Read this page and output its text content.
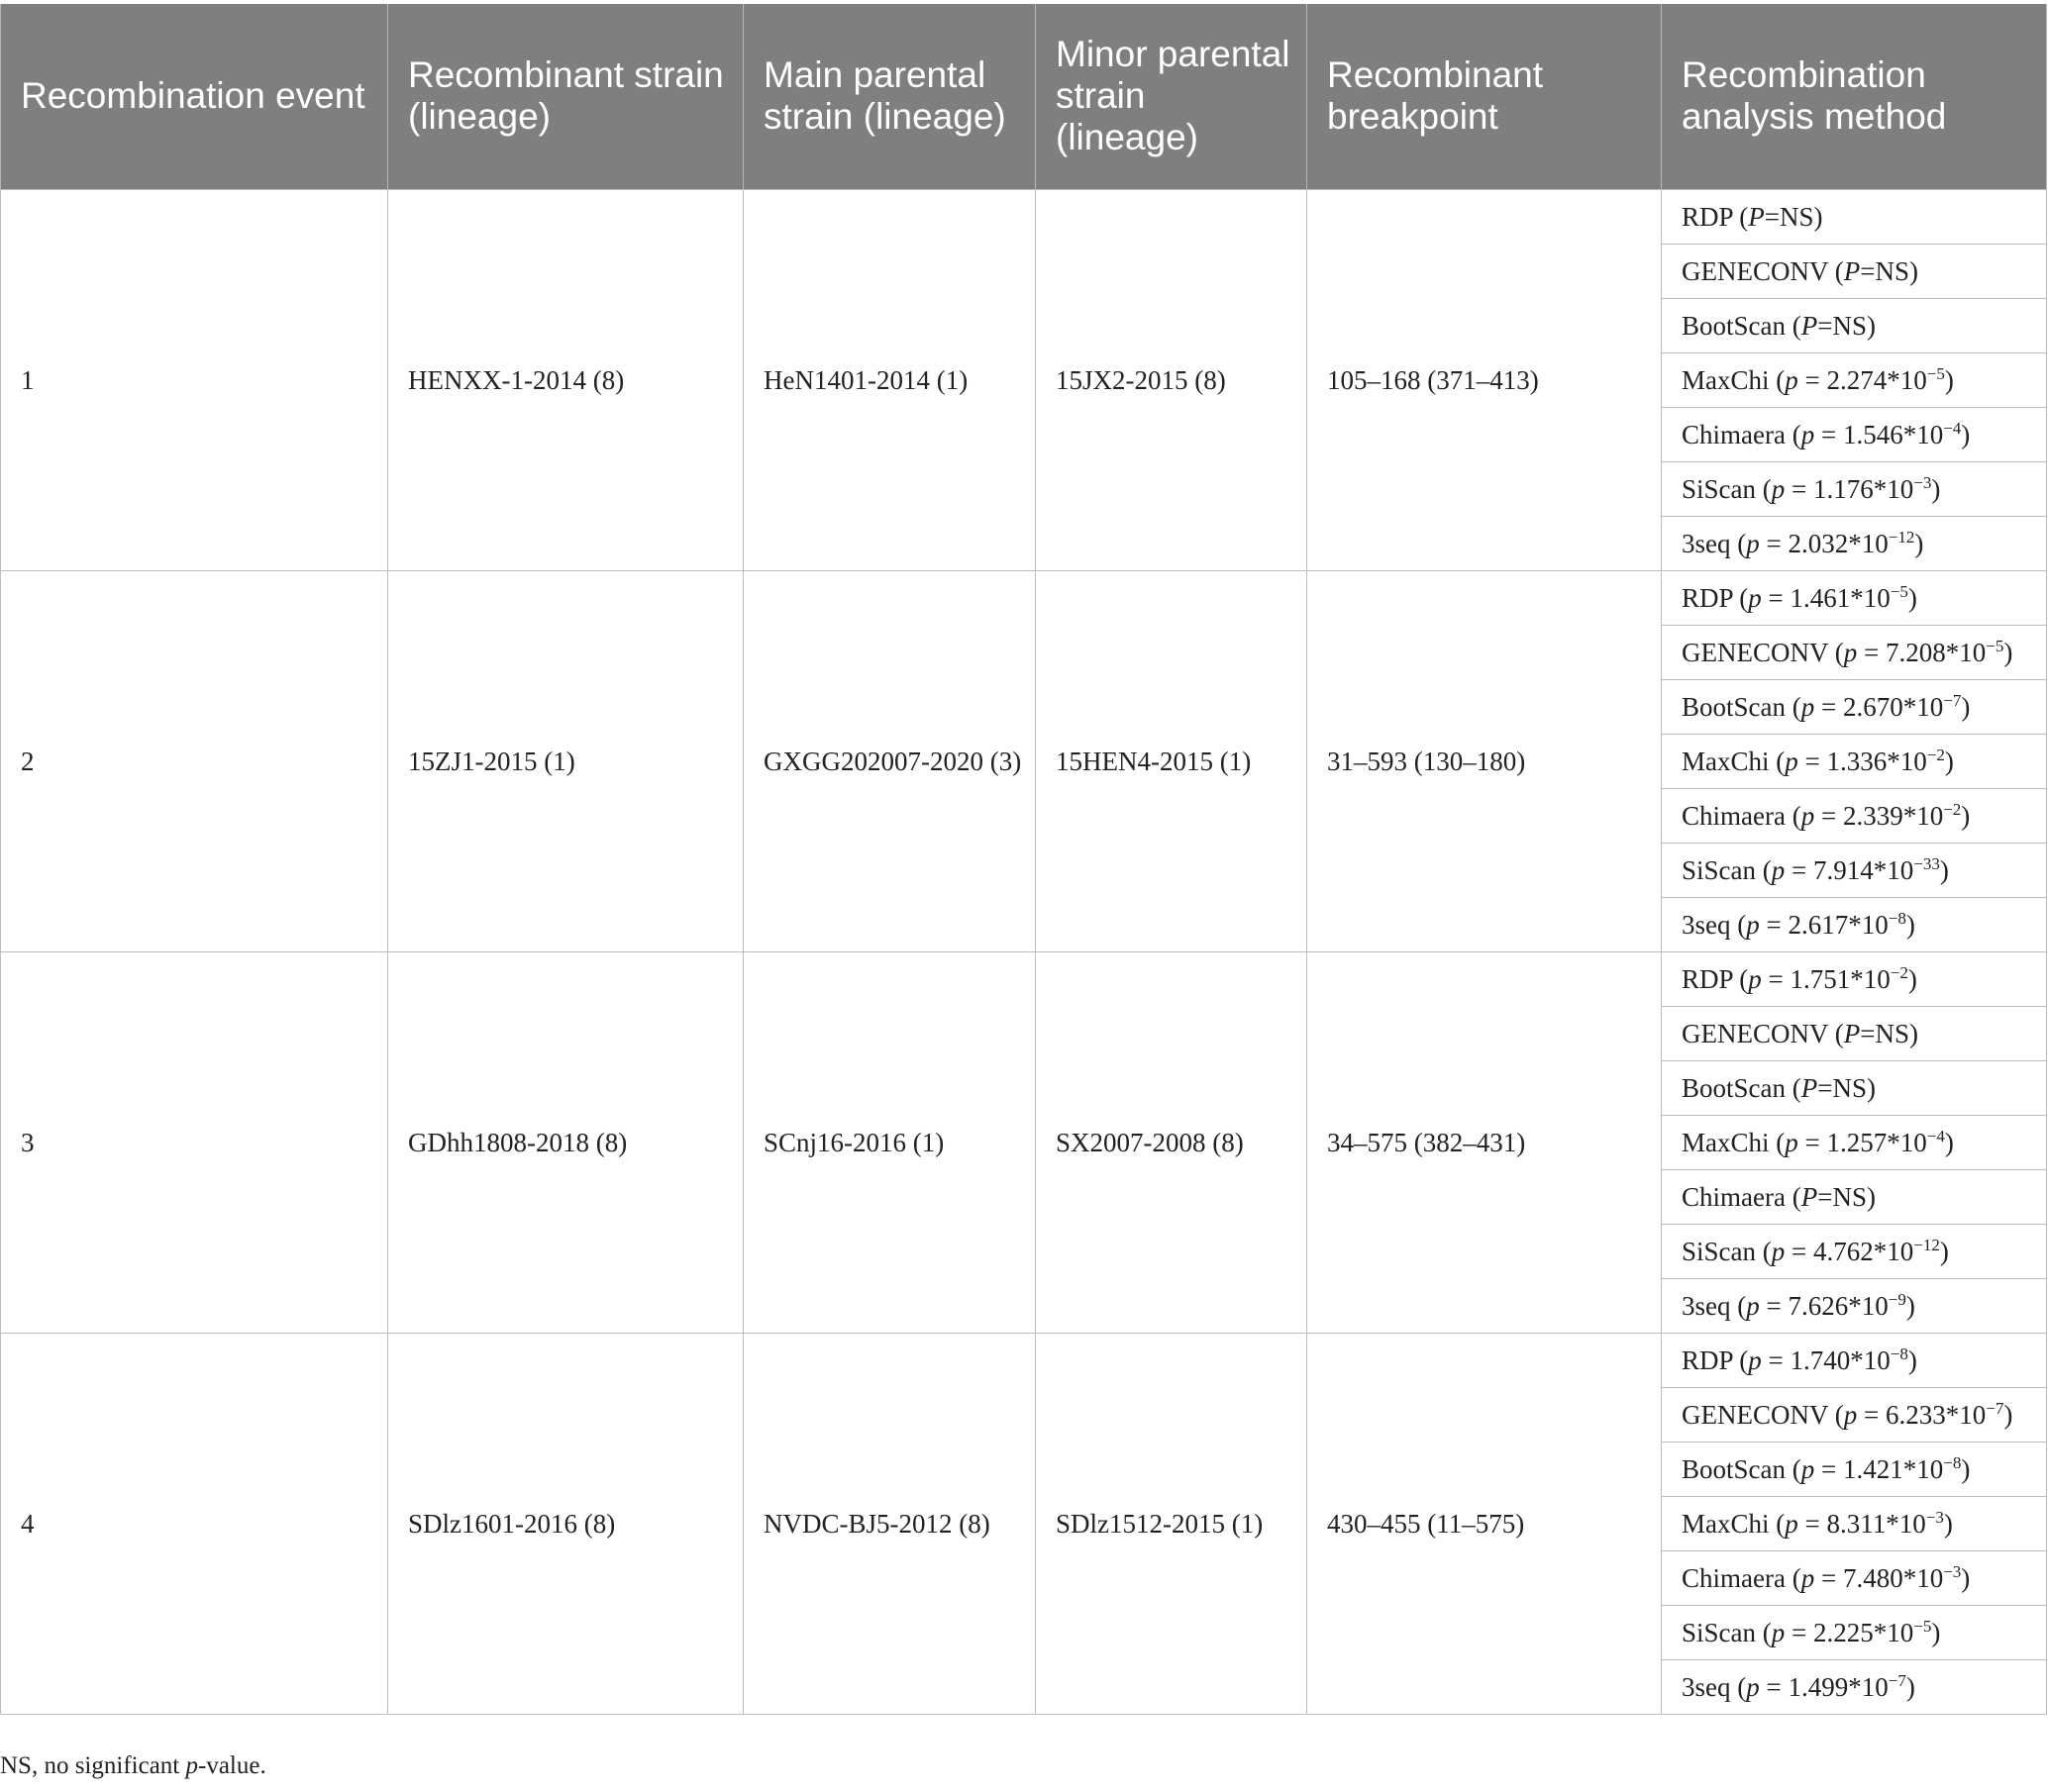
Recombination event	Recombinant strain (lineage)	Main parental strain (lineage)	Minor parental strain (lineage)	Recombinant breakpoint	Recombination analysis method
1	HENXX-1-2014 (8)	HeN1401-2014 (1)	15JX2-2015 (8)	105–168 (371–413)	RDP (P=NS)
					GENECONV (P=NS)
					BootScan (P=NS)
					MaxChi $(p = 2.274*10^{-5})$
					Chimaera $(p = 1.546*10^{-4})$
					SiScan $(p = 1.176*10^{-3})$
					3seq $(p = 2.032*10^{-12})$
2	15ZJ1-2015 (1)	GXGG202007-2020 (3)	15HEN4-2015 (1)	31–593 (130–180)	RDP $(p = 1.461*10^{-5})$
					GENECONV $(p = 7.208*10^{-5})$
					BootScan $(p = 2.670*10^{-7})$
					MaxChi $(p = 1.336*10^{-2})$
					Chimaera $(p = 2.339*10^{-2})$
					SiScan $(p = 7.914*10^{-33})$
					3seq $(p = 2.617*10^{-8})$
3	GDhh1808-2018 (8)	SCnj16-2016 (1)	SX2007-2008 (8)	34–575 (382–431)	RDP $(p = 1.751*10^{-2})$
					GENECONV (P=NS)
					BootScan (P=NS)
					MaxChi $(p = 1.257*10^{-4})$
					Chimaera (P=NS)
					SiScan $(p = 4.762*10^{-12})$
					3seq $(p = 7.626*10^{-9})$
4	SDlz1601-2016 (8)	NVDC-BJ5-2012 (8)	SDlz1512-2015 (1)	430–455 (11–575)	RDP $(p = 1.740*10^{-8})$
					GENECONV $(p = 6.233*10^{-7})$
					BootScan $(p = 1.421*10^{-8})$
					MaxChi $(p = 8.311*10^{-3})$
					Chimaera $(p = 7.480*10^{-3})$
					SiScan $(p = 2.225*10^{-5})$
					3seq $(p = 1.499*10^{-7})$
NS, no significant p-value.
